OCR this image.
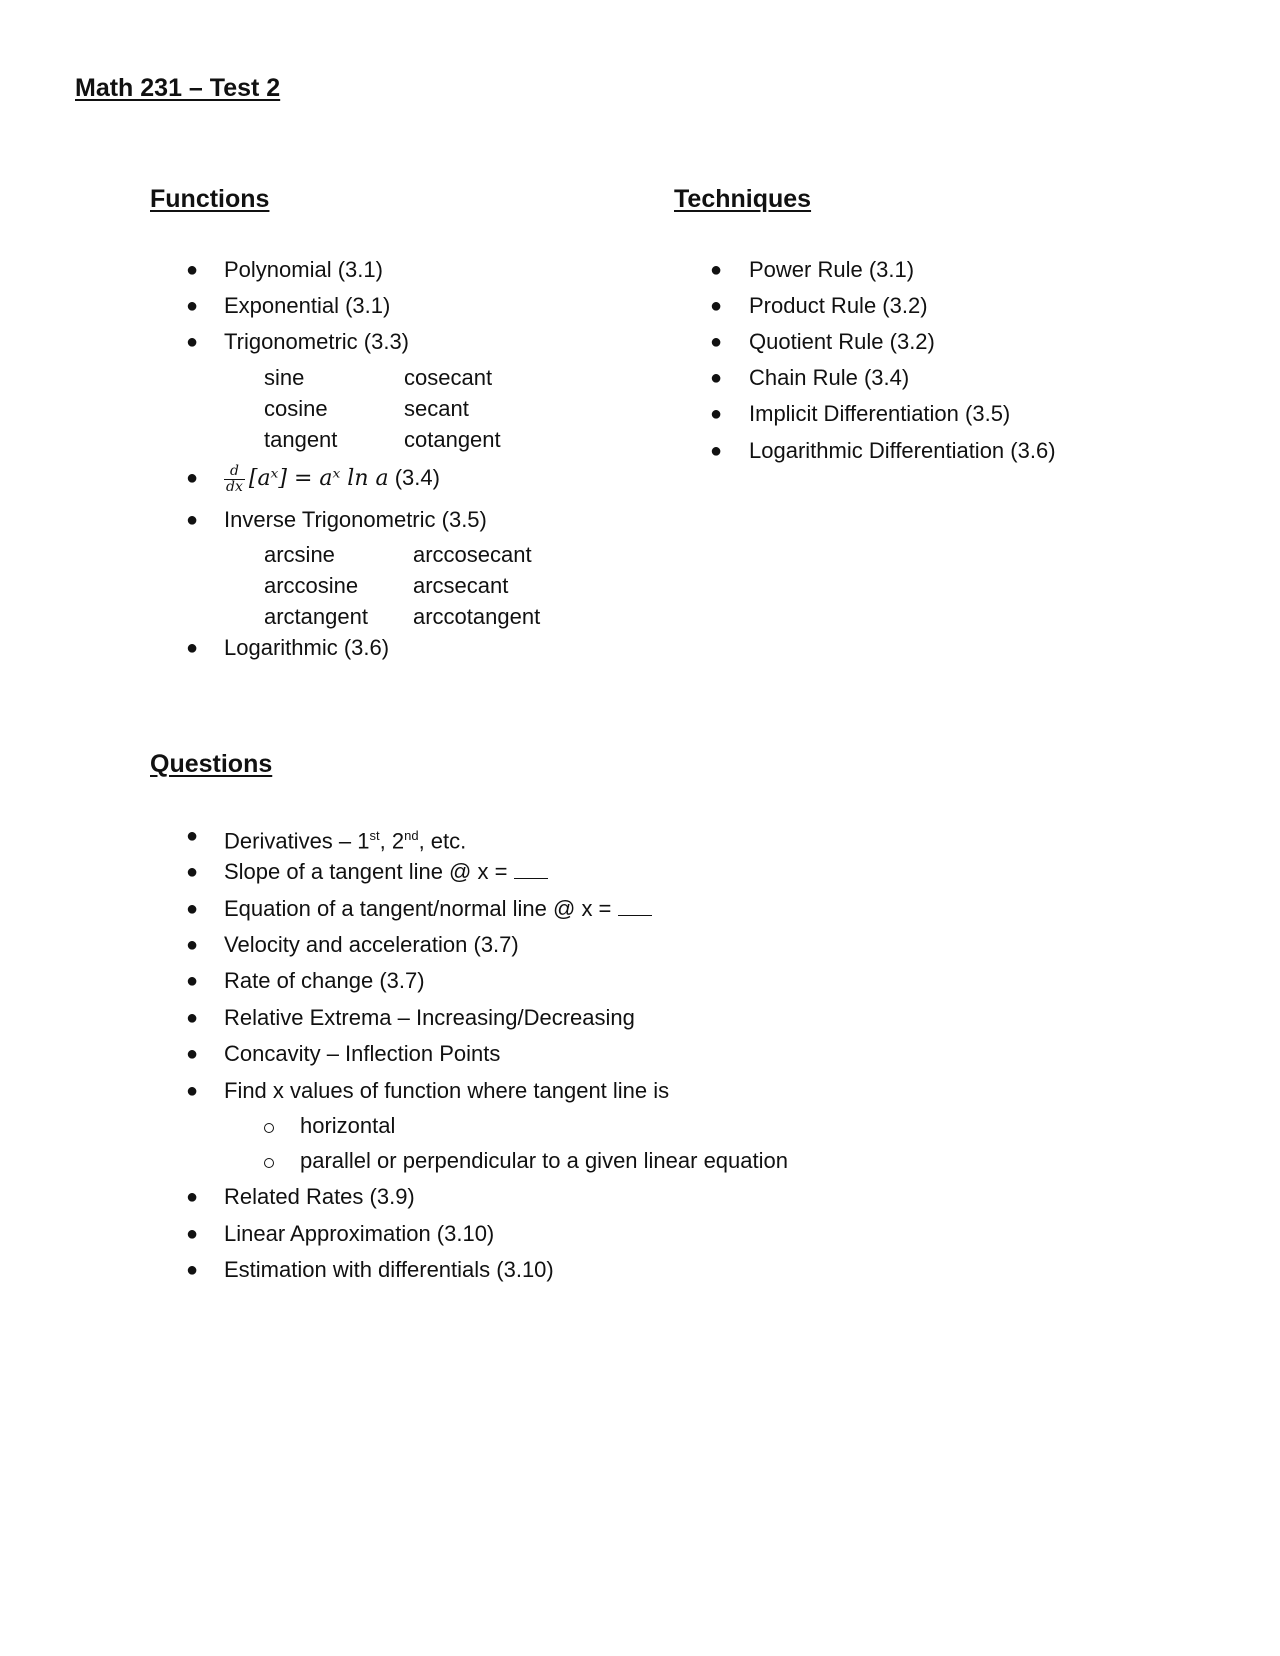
Math 231 – Test 2
Functions
● Polynomial (3.1)
● Exponential (3.1)
● Trigonometric (3.3)
sine	cosecant
cosine	secant
tangent	cotangent
● $\frac{d}{dx}$ [aˣ] = aˣ ln a (3.4)
● Inverse Trigonometric (3.5)
arcsine	arccosecant
arccosine arcsecant
arctangent arccotangent
● Logarithmic (3.6)
Techniques
● Power Rule (3.1)
● Product Rule (3.2)
● Quotient Rule (3.2)
● Chain Rule (3.4)
● Implicit Differentiation (3.5)
● Logarithmic Differentiation (3.6)
Questions
● Derivatives – 1st, 2nd, etc.
● Slope of a tangent line @ x =
● Equation of a tangent/normal line @ x =
● Velocity and acceleration (3.7)
● Rate of change (3.7)
● Relative Extrema – Increasing/Decreasing
● Concavity – Inflection Points
● Find x values of function where tangent line is
horizontal
parallel or perpendicular to a given linear equation
● Related Rates (3.9)
● Linear Approximation (3.10)
● Estimation with differentials (3.10)
